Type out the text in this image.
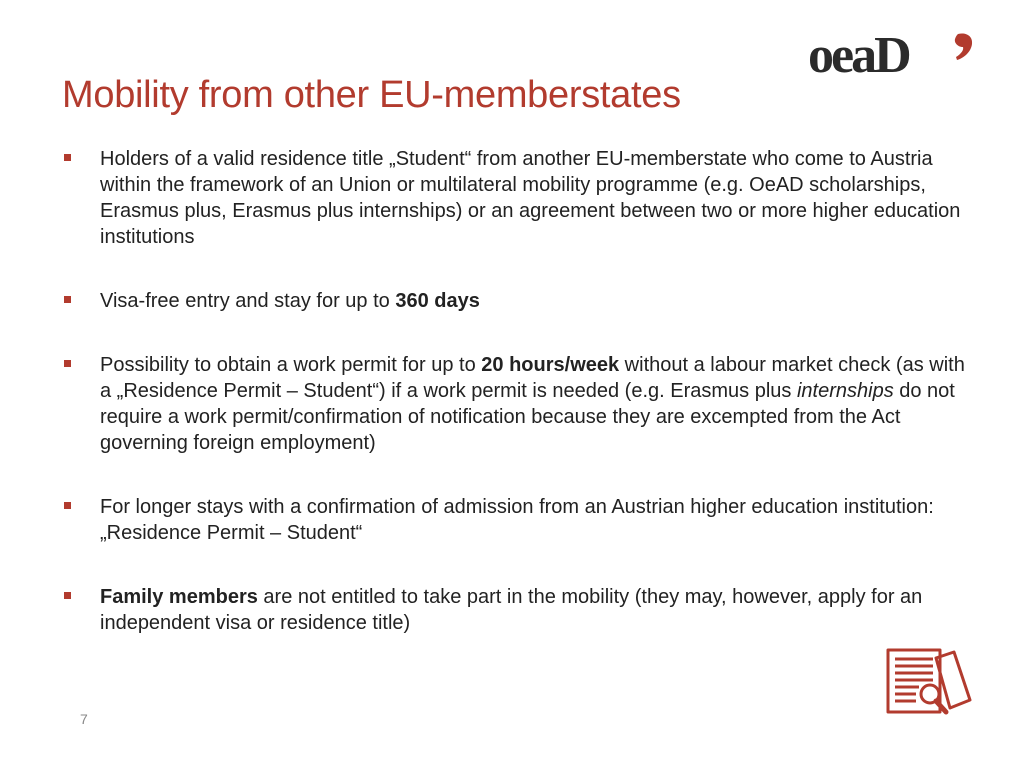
oeaD
Mobility from other EU-memberstates
Holders of a valid residence title „Student“ from another EU-memberstate who come to Austria within the framework of an Union or multilateral mobility programme (e.g. OeAD scholarships, Erasmus plus, Erasmus plus internships) or an agreement between two or more higher education institutions
Visa-free entry and stay for up to 360 days
Possibility to obtain a work permit for up to 20 hours/week without a labour market check (as with a „Residence Permit – Student“) if a work permit is needed (e.g. Erasmus plus internships do not require a work permit/confirmation of notification because they are excempted from the Act governing foreign employment)
For longer stays with a confirmation of admission from an Austrian higher education institution:„Residence Permit – Student“
Family members are not entitled to take part in the mobility (they may, however, apply for an independent visa or residence title)
7
